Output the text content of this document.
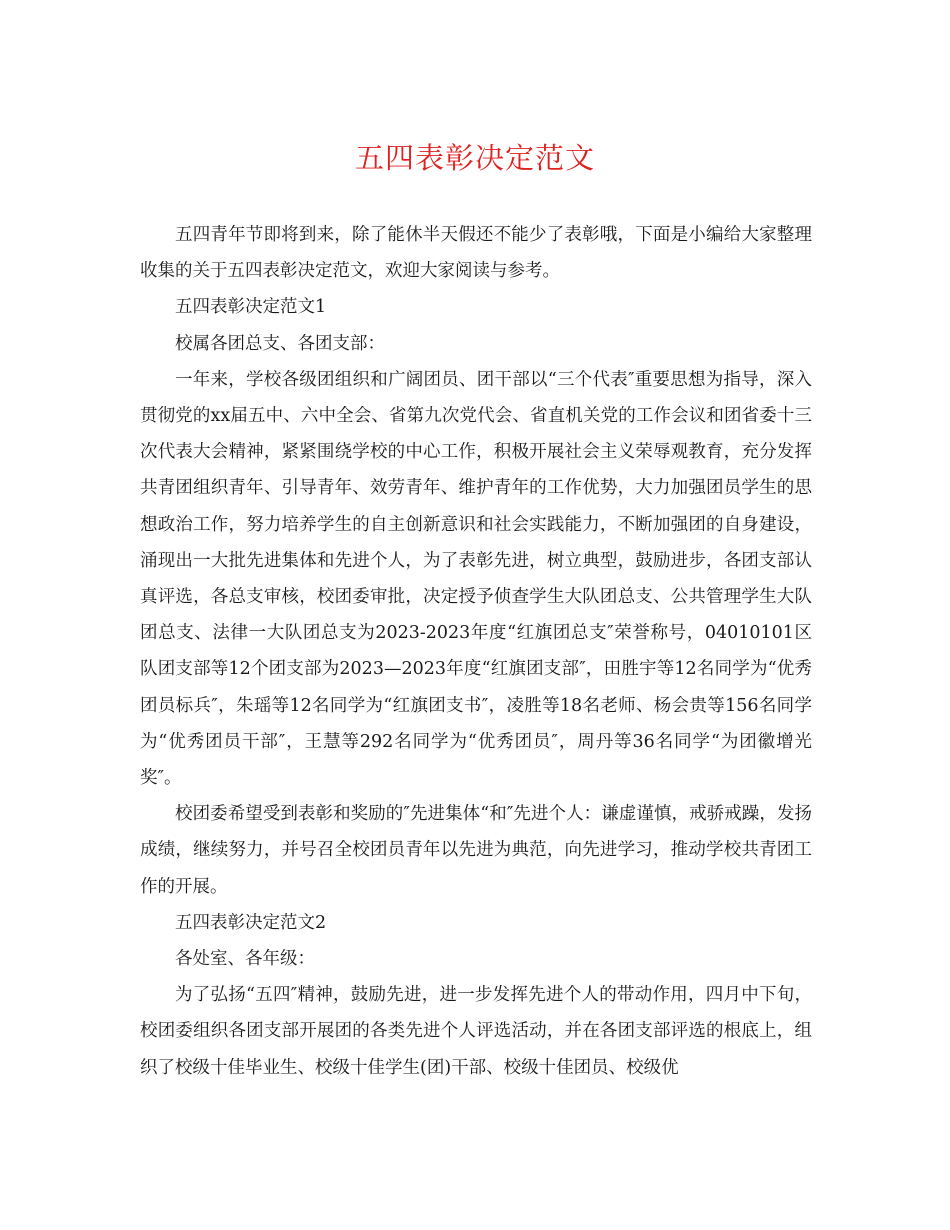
五四表彰决定范文

五四青年节即将到来，除了能休半天假还不能少了表彰哦，下面是小编给大家整理收集的关于五四表彰决定范文，欢迎大家阅读与参考。

五四表彰决定范文1

校属各团总支、各团支部：

一年来，学校各级团组织和广阔团员、团干部以“三个代表″重要思想为指导，深入贯彻党的xx届五中、六中全会、省第九次党代会、省直机关党的工作会议和团省委十三次代表大会精神，紧紧围绕学校的中心工作，积极开展社会主义荣辱观教育，充分发挥共青团组织青年、引导青年、效劳青年、维护青年的工作优势，大力加强团员学生的思想政治工作，努力培养学生的自主创新意识和社会实践能力，不断加强团的自身建设，涌现出一大批先进集体和先进个人，为了表彰先进，树立典型，鼓励进步，各团支部认真评选，各总支审核，校团委审批，决定授予侦查学生大队团总支、公共管理学生大队团总支、法律一大队团总支为2023-2023年度“红旗团总支″荣誉称号，04010101区队团支部等12个团支部为2023—2023年度“红旗团支部″，田胜宇等12名同学为“优秀团员标兵″，朱瑶等12名同学为“红旗团支书″，凌胜等18名老师、杨会贵等156名同学为“优秀团员干部″，王慧等292名同学为“优秀团员″，周丹等36名同学“为团徽增光奖″。

校团委希望受到表彰和奖励的″先进集体“和″先进个人：谦虚谨慎，戒骄戒躁，发扬成绩，继续努力，并号召全校团员青年以先进为典范，向先进学习，推动学校共青团工作的开展。

五四表彰决定范文2

各处室、各年级：

为了弘扬“五四″精神，鼓励先进，进一步发挥先进个人的带动作用，四月中下旬，校团委组织各团支部开展团的各类先进个人评选活动，并在各团支部评选的根底上，组织了校级十佳毕业生、校级十佳学生(团)干部、校级十佳团员、校级优
